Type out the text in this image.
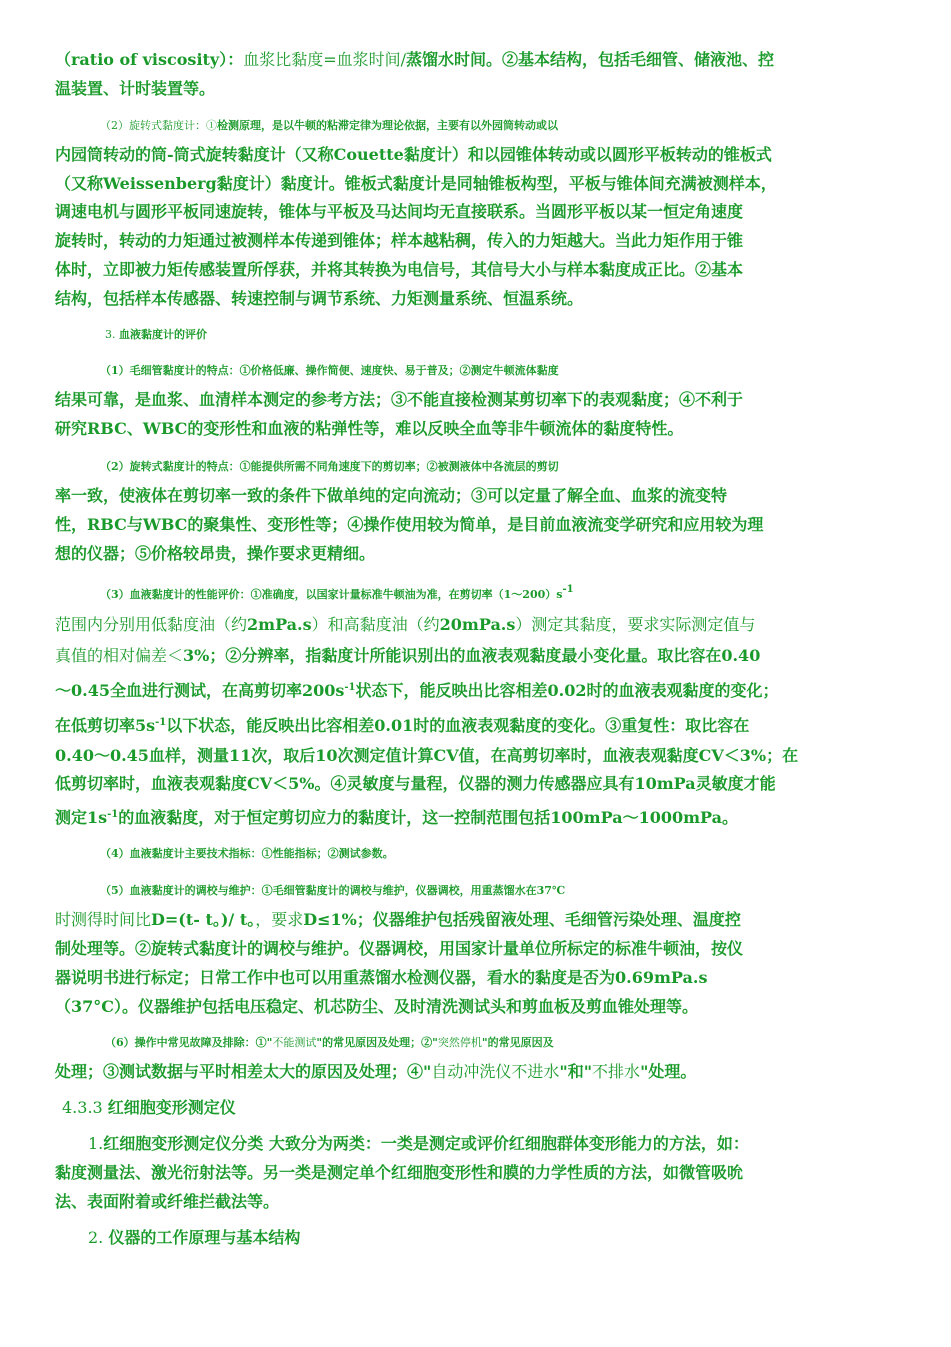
（ratio of viscosity）：血浆比黏度=血浆时间/蒸馏水时间。②基本结构，包括毛细管、储液池、控
温装置、计时装置等。
（2）旋转式黏度计：①检测原理，是以牛顿的粘滞定律为理论依据，主要有以外园筒转动或以
内园筒转动的筒-筒式旋转黏度计（又称Couette黏度计）和以园锥体转动或以圆形平板转动的锥板式
（又称Weissenberg黏度计）黏度计。锥板式黏度计是同轴锥板构型，平板与锥体间充满被测样本，
调速电机与圆形平板同速旋转，锥体与平板及马达间均无直接联系。当圆形平板以某一恒定角速度
旋转时，转动的力矩通过被测样本传递到锥体；样本越粘稠，传入的力矩越大。当此力矩作用于锥
体时，立即被力矩传感装置所俘获，并将其转换为电信号，其信号大小与样本黏度成正比。②基本
结构，包括样本传感器、转速控制与调节系统、力矩测量系统、恒温系统。
3. 血液黏度计的评价
（1）毛细管黏度计的特点：①价格低廉、操作简便、速度快、易于普及；②测定牛顿流体黏度
结果可靠，是血浆、血清样本测定的参考方法；③不能直接检测某剪切率下的表观黏度；④不利于
研究RBC、WBC的变形性和血液的粘弹性等，难以反映全血等非牛顿流体的黏度特性。
（2）旋转式黏度计的特点：①能提供所需不同角速度下的剪切率；②被测液体中各流层的剪切
率一致，使液体在剪切率一致的条件下做单纯的定向流动；③可以定量了解全血、血浆的流变特
性，RBC与WBC的聚集性、变形性等；④操作使用较为简单，是目前血液流变学研究和应用较为理
想的仪器；⑤价格较昂贵，操作要求更精细。
（3）血液黏度计的性能评价：①准确度，以国家计量标准牛顿油为准，在剪切率$(1\sim 200)s^{-1}$
范围内分别用低黏度油（约2mPa.s）和高黏度油（约20mPa.s）测定其黏度，要求实际测定值与
真值的相对偏差＜3%；②分辨率，指黏度计所能识别出的血液表观黏度最小变化量。取比容在0.40
～0.45全血进行测试，在高剪切率$200s^{-1}$状态下，能反映出比容相差0.02时的血液表观黏度的变化；
在低剪切率$5s^{-1}$以下状态，能反映出比容相差0.01时的血液表观黏度的变化。③重复性：取比容在
0.40～0.45血样，测量11次，取后10次测定值计算CV值，在高剪切率时，血液表观黏度CV＜3%；在
低剪切率时，血液表观黏度CV＜5%。④灵敏度与量程，仪器的测力传感器应具有10mPa灵敏度才能
测定$1s^{-1}$的血液黏度，对于恒定剪切应力的黏度计，这一控制范围包括100mPa～1000mPa。
（4）血液黏度计主要技术指标：①性能指标；②测试参数。
（5）血液黏度计的调校与维护：①毛细管黏度计的调校与维护，仪器调校，用重蒸馏水在37℃
时测得时间比D=(t- t。)/ t。，要求D≤1%；仪器维护包括残留液处理、毛细管污染处理、温度控
制处理等。②旋转式黏度计的调校与维护。仪器调校，用国家计量单位所标定的标准牛顿油，按仪
器说明书进行标定；日常工作中也可以用重蒸馏水检测仪器，看水的黏度是否为0.69mPa.s
（37°C）。仪器维护包括电压稳定、机芯防尘、及时清洗测试头和剪血板及剪血锥处理等。
（6）操作中常见故障及排除：①"不能测试"的常见原因及处理；②"突然停机"的常见原因及
处理；③测试数据与平时相差太大的原因及处理；④"自动冲洗仪不进水"和"不排水"处理。
4.3.3 红细胞变形测定仪
1.红细胞变形测定仪分类 大致分为两类：一类是测定或评价红细胞群体变形能力的方法，如：
黏度测量法、激光衍射法等。另一类是测定单个红细胞变形性和膜的力学性质的方法，如微管吸吮
法、表面附着或纤维拦截法等。
2. 仪器的工作原理与基本结构
